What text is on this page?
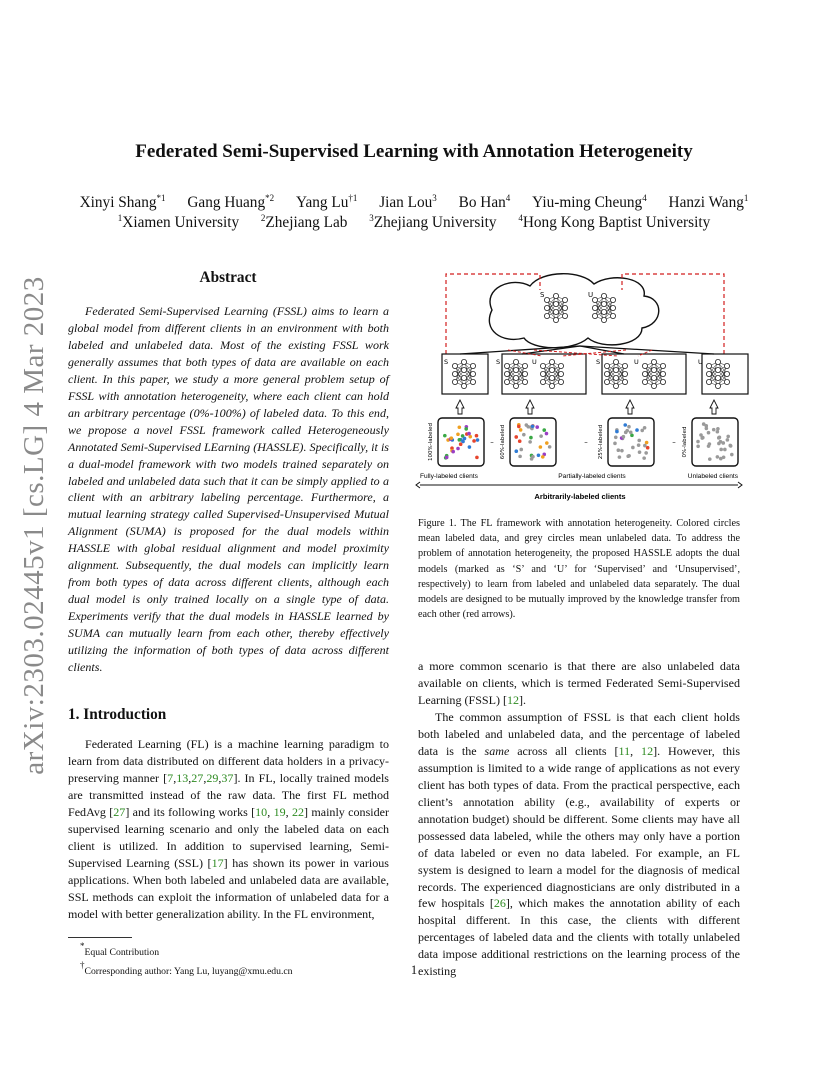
arXiv:2303.02445v1 [cs.LG] 4 Mar 2023
Federated Semi-Supervised Learning with Annotation Heterogeneity
Xinyi Shang$^{*1}$ Gang Huang$^{*2}$ Yang Lu$^{\dagger 1}$ Jian Lou$^3$ Bo Han$^4$ Yiu-ming Cheung$^4$ Hanzi Wang$^1$
$^1$Xiamen University $^2$Zhejiang Lab $^3$Zhejiang University $^4$Hong Kong Baptist University
Abstract
Federated Semi-Supervised Learning (FSSL) aims to learn a global model from different clients in an environment with both labeled and unlabeled data. Most of the existing FSSL work generally assumes that both types of data are available on each client. In this paper, we study a more general problem setup of FSSL with annotation heterogeneity, where each client can hold an arbitrary percentage (0%-100%) of labeled data. To this end, we propose a novel FSSL framework called Heterogeneously Annotated Semi-Supervised LEarning (HASSLE). Specifically, it is a dual-model framework with two models trained separately on labeled and unlabeled data such that it can be simply applied to a client with an arbitrary labeling percentage. Furthermore, a mutual learning strategy called Supervised-Unsupervised Mutual Alignment (SUMA) is proposed for the dual models within HASSLE with global residual alignment and model proximity alignment. Subsequently, the dual models can implicitly learn from both types of data across different clients, although each dual model is only trained locally on a single type of data. Experiments verify that the dual models in HASSLE learned by SUMA can mutually learn from each other, thereby effectively utilizing the information of both types of data across different clients.
1. Introduction
Federated Learning (FL) is a machine learning paradigm to learn from data distributed on different data holders in a privacy-preserving manner [7,13,27,29,37]. In FL, locally trained models are transmitted instead of the raw data. The first FL method FedAvg [27] and its following works [10, 19, 22] mainly consider supervised learning scenario and only the labeled data on each client is utilized. In addition to supervised learning, Semi-Supervised Learning (SSL) [17] has shown its power in various applications. When both labeled and unlabeled data are available, SSL methods can exploit the information of unlabeled data for a model with better generalization ability. In the FL environment,
*Equal Contribution
†Corresponding author: Yang Lu, luyang@xmu.edu.cn
S	U
S	S	U	S	U	U
100%-labeled	60%-labeled	25%-labeled	0%-labeled
–	–	–
Fully-labeled clients	Partially-labeled clients	Unlabeled clients
Arbitrarily-labeled clients
Figure 1. The FL framework with annotation heterogeneity. Colored circles mean labeled data, and grey circles mean unlabeled data. To address the problem of annotation heterogeneity, the proposed HASSLE adopts the dual models (marked as ‘S’ and ‘U’ for ‘Supervised’ and ‘Unsupervised’, respectively) to learn from labeled and unlabeled data separately. The dual models are designed to be mutually improved by the knowledge transfer from each other (red arrows).
a more common scenario is that there are also unlabeled data available on clients, which is termed Federated Semi-Supervised Learning (FSSL) [12].
The common assumption of FSSL is that each client holds both labeled and unlabeled data, and the percentage of labeled data is the same across all clients [11, 12]. However, this assumption is limited to a wide range of applications as not every client has both types of data. From the practical perspective, each client’s annotation ability (e.g., availability of experts or annotation budget) should be different. Some clients may have all possessed data labeled, while the others may only have a portion of data labeled or even no data labeled. For example, an FL system is designed to learn a model for the diagnosis of medical records. The experienced diagnosticians are only distributed in a few hospitals [26], which makes the annotation ability of each hospital different. In this case, the clients with different percentages of labeled data and the clients with totally unlabeled data impose additional restrictions on the learning process of the existing
1
